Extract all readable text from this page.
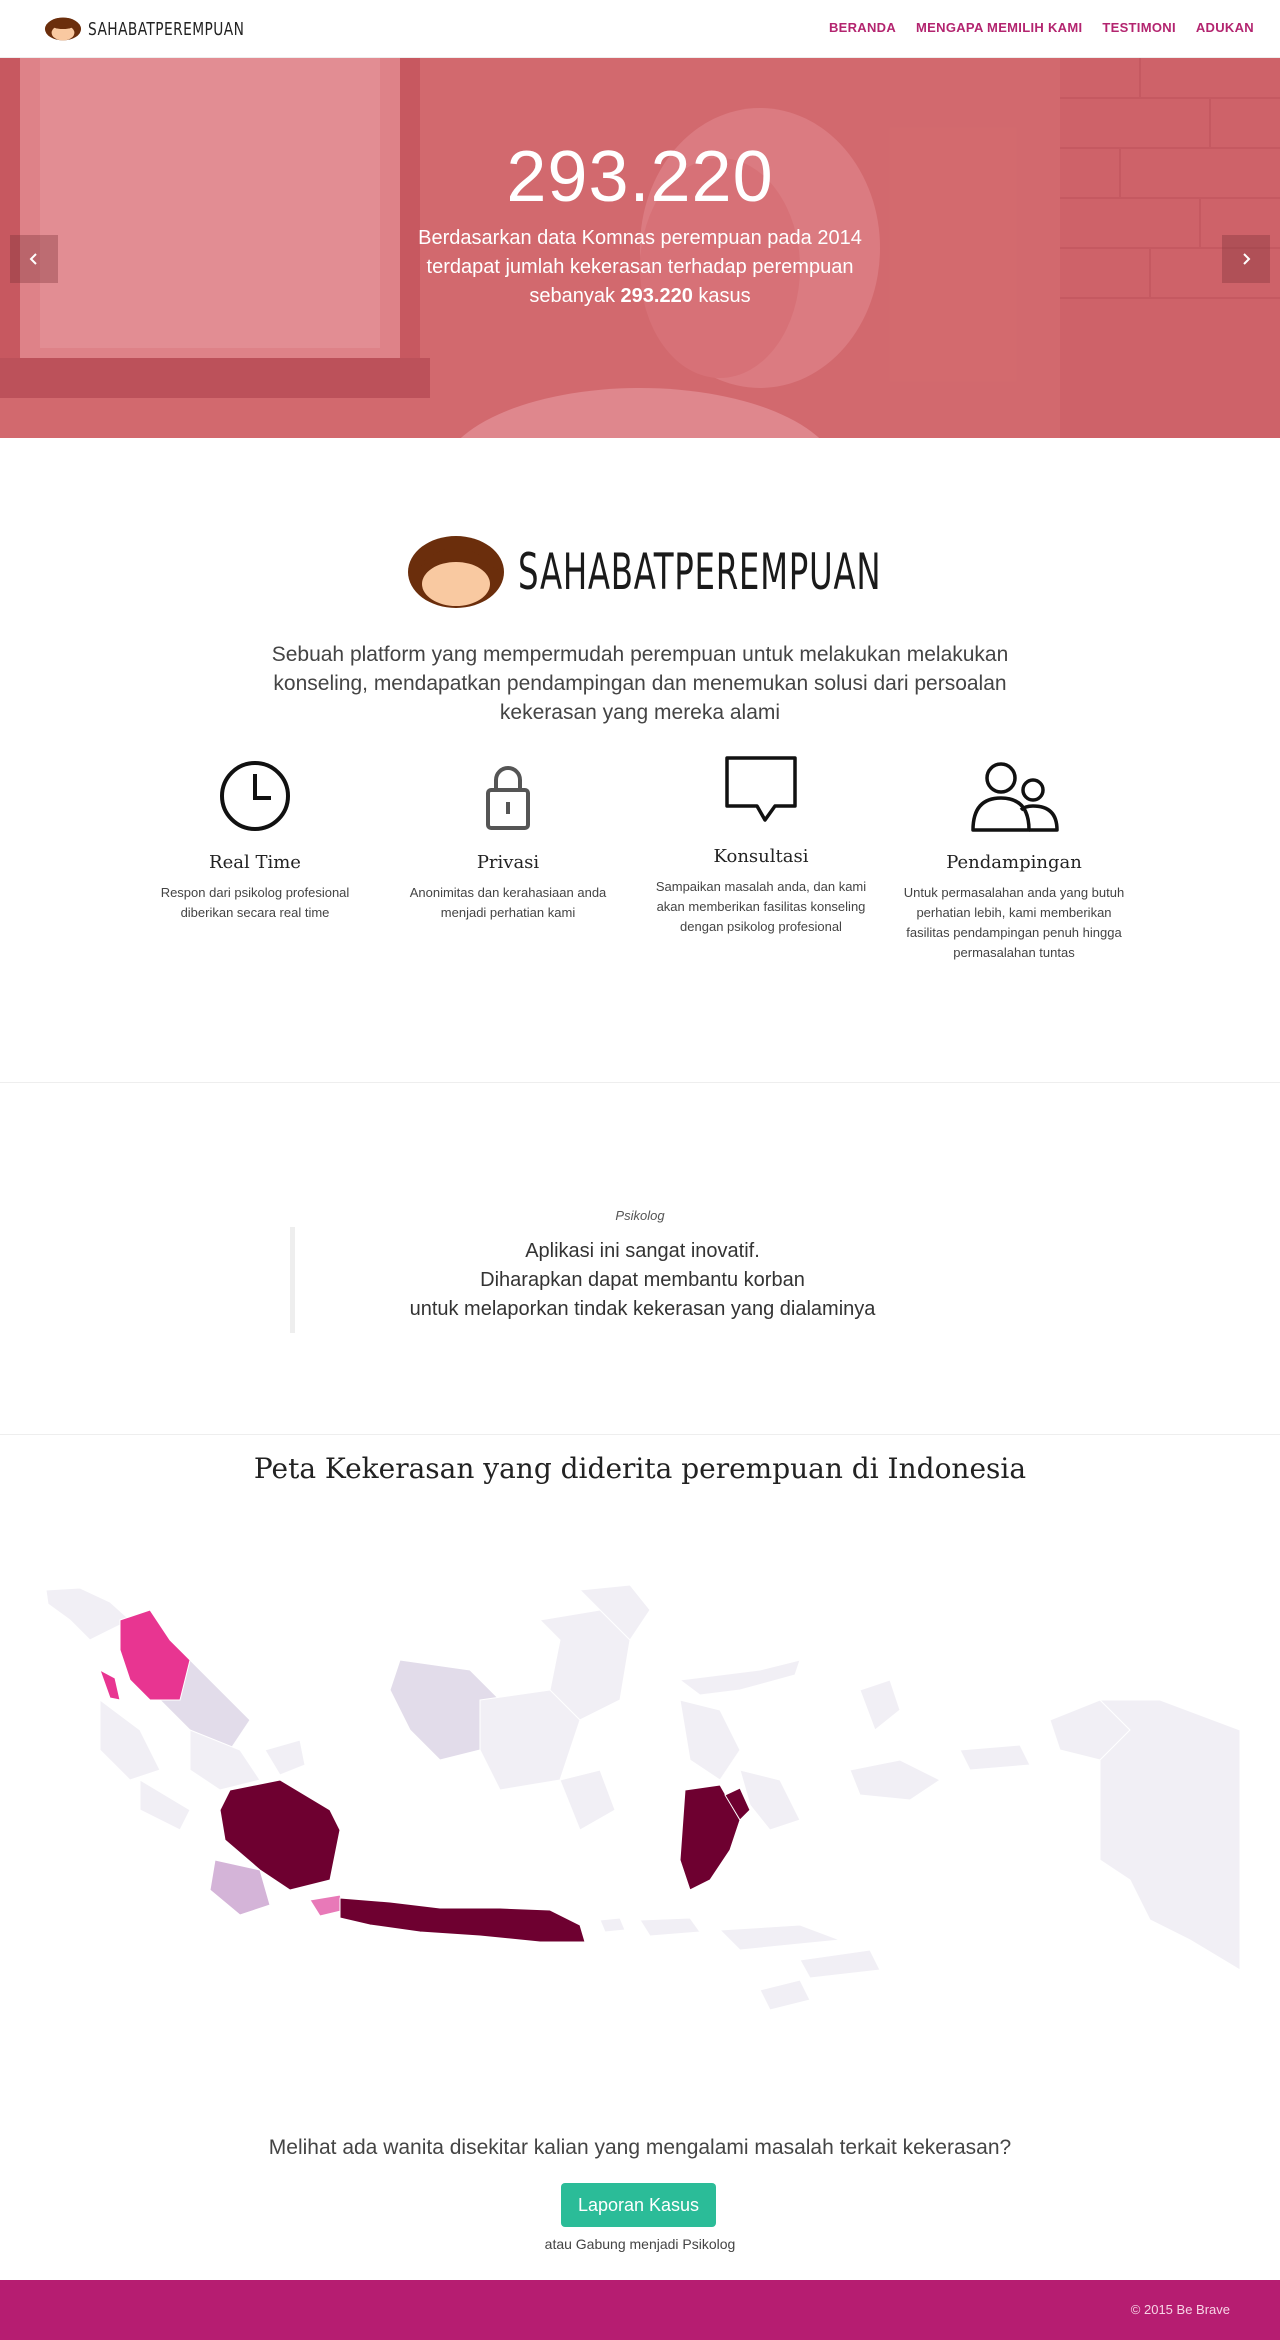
SAHABATPEREMPUAN	BERANDA MENGAPA MEMILIH KAMI TESTIMONI ADUKAN
293.220
Berdasarkan data Komnas perempuan pada 2014 terdapat jumlah kekerasan terhadap perempuan sebanyak 293.220 kasus
SAHABATPEREMPUAN
Sebuah platform yang mempermudah perempuan untuk melakukan melakukan konseling, mendapatkan pendampingan dan menemukan solusi dari persoalan kekerasan yang mereka alami
Real Time
Respon dari psikolog profesional diberikan secara real time
Privasi
Anonimitas dan kerahasiaan anda menjadi perhatian kami
Konsultasi
Sampaikan masalah anda, dan kami akan memberikan fasilitas konseling dengan psikolog profesional
Pendampingan
Untuk permasalahan anda yang butuh perhatian lebih, kami memberikan fasilitas pendampingan penuh hingga permasalahan tuntas
Psikolog
Aplikasi ini sangat inovatif.
Diharapkan dapat membantu korban
untuk melaporkan tindak kekerasan yang dialaminya
Peta Kekerasan yang diderita perempuan di Indonesia
Melihat ada wanita disekitar kalian yang mengalami masalah terkait kekerasan?
Laporan Kasus
atau Gabung menjadi Psikolog
© 2015 Be Brave
